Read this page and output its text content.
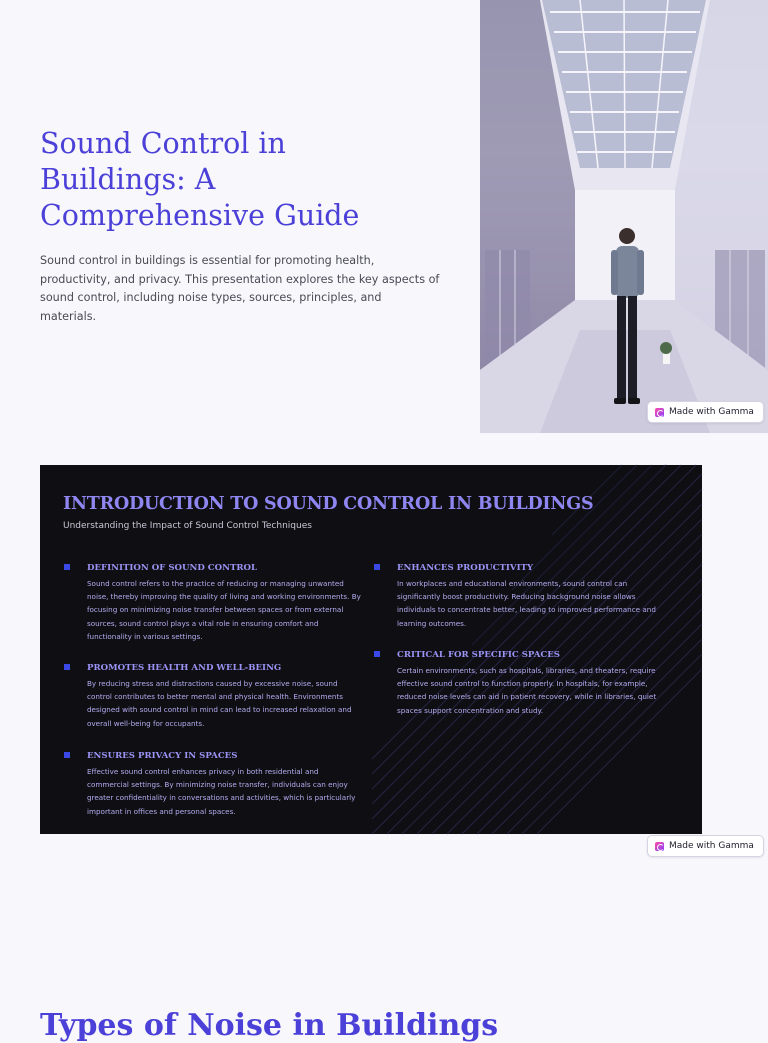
Sound Control in Buildings: A Comprehensive Guide

Sound control in buildings is essential for promoting health, productivity, and privacy. This presentation explores the key aspects of sound control, including noise types, sources, principles, and materials.

Made with Gamma
INTRODUCTION TO SOUND CONTROL IN BUILDINGS

Understanding the Impact of Sound Control Techniques

DEFINITION OF SOUND CONTROL
Sound control refers to the practice of reducing or managing unwanted noise, thereby improving the quality of living and working environments. By focusing on minimizing noise transfer between spaces or from external sources, sound control plays a vital role in ensuring comfort and functionality in various settings.
PROMOTES HEALTH AND WELL-BEING
By reducing stress and distractions caused by excessive noise, sound control contributes to better mental and physical health. Environments designed with sound control in mind can lead to increased relaxation and overall well-being for occupants.
ENSURES PRIVACY IN SPACES
Effective sound control enhances privacy in both residential and commercial settings. By minimizing noise transfer, individuals can enjoy greater confidentiality in conversations and activities, which is particularly important in offices and personal spaces.
ENHANCES PRODUCTIVITY
In workplaces and educational environments, sound control can significantly boost productivity. Reducing background noise allows individuals to concentrate better, leading to improved performance and learning outcomes.
CRITICAL FOR SPECIFIC SPACES
Certain environments, such as hospitals, libraries, and theaters, require effective sound control to function properly. In hospitals, for example, reduced noise levels can aid in patient recovery, while in libraries, quiet spaces support concentration and study.
Made with Gamma
Types of Noise in Buildings
